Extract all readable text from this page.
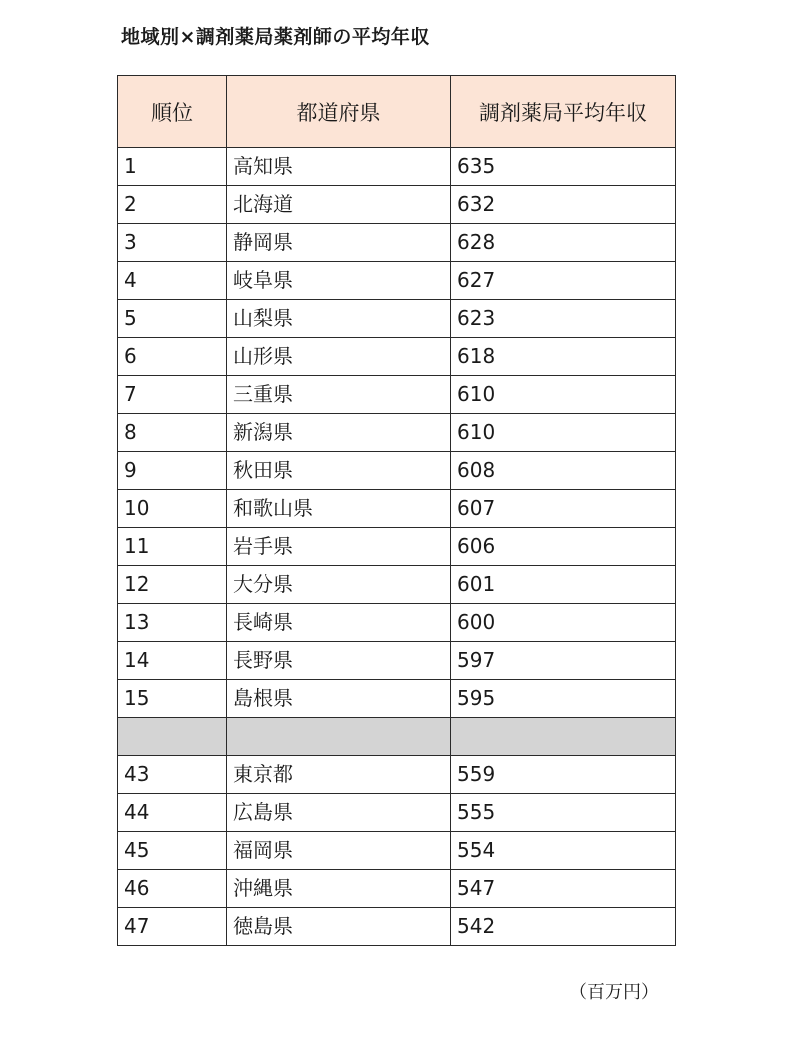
地域別×調剤薬局薬剤師の平均年収
順位	都道府県	調剤薬局平均年収
1	高知県	635
2	北海道	632
3	静岡県	628
4	岐阜県	627
5	山梨県	623
6	山形県	618
7	三重県	610
8	新潟県	610
9	秋田県	608
10	和歌山県	607
11	岩手県	606
12	大分県	601
13	長崎県	600
14	長野県	597
15	島根県	595

43	東京都	559
44	広島県	555
45	福岡県	554
46	沖縄県	547
47	徳島県	542
（百万円）
